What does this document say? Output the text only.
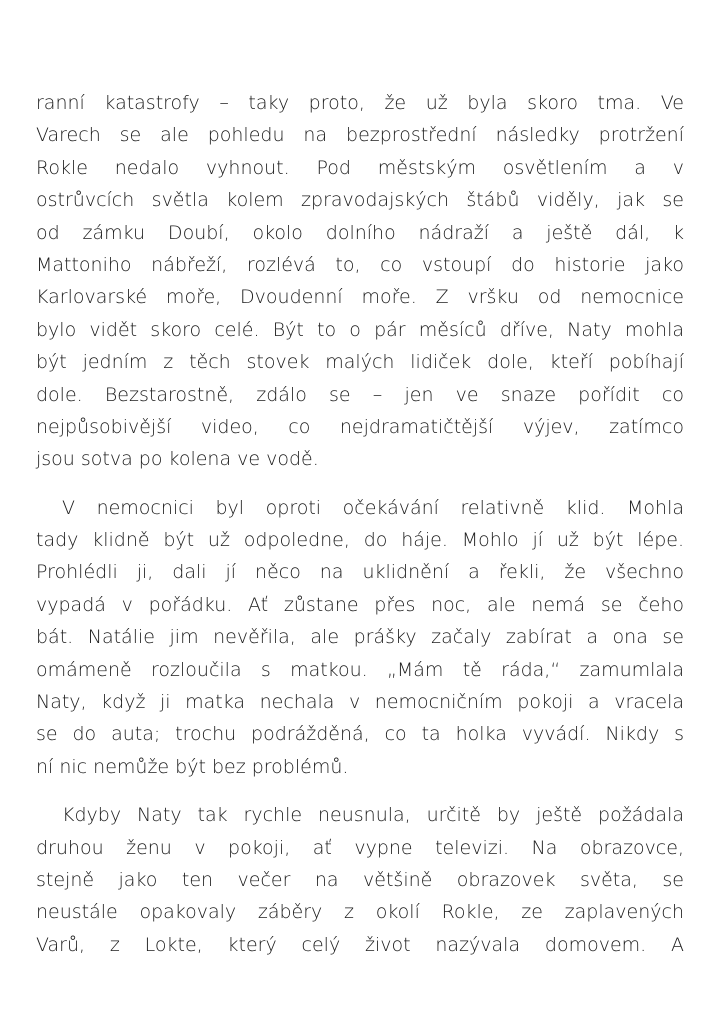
ranní katastrofy – taky proto, že už byla skoro tma. Ve
Varech se ale pohledu na bezprostřední následky protržení
Rokle nedalo vyhnout. Pod městským osvětlením a v
ostrůvcích světla kolem zpravodajských štábů viděly, jak se
od zámku Doubí, okolo dolního nádraží a ještě dál, k
Mattoniho nábřeží, rozlévá to, co vstoupí do historie jako
Karlovarské moře, Dvoudenní moře. Z vršku od nemocnice
bylo vidět skoro celé. Být to o pár měsíců dříve, Naty mohla
být jedním z těch stovek malých lidiček dole, kteří pobíhají
dole. Bezstarostně, zdálo se – jen ve snaze pořídit co
nejpůsobivější video, co nejdramatičtější výjev, zatímco
jsou sotva po kolena ve vodě.
V nemocnici byl oproti očekávání relativně klid. Mohla
tady klidně být už odpoledne, do háje. Mohlo jí už být lépe.
Prohlédli ji, dali jí něco na uklidnění a řekli, že všechno
vypadá v pořádku. Ať zůstane přes noc, ale nemá se čeho
bát. Natálie jim nevěřila, ale prášky začaly zabírat a ona se
omámeně rozloučila s matkou. „Mám tě ráda,“ zamumlala
Naty, když ji matka nechala v nemocničním pokoji a vracela
se do auta; trochu podrážděná, co ta holka vyvádí. Nikdy s
ní nic nemůže být bez problémů.
Kdyby Naty tak rychle neusnula, určitě by ještě požádala
druhou ženu v pokoji, ať vypne televizi. Na obrazovce,
stejně jako ten večer na většině obrazovek světa, se
neustále opakovaly záběry z okolí Rokle, ze zaplavených
Varů, z Lokte, který celý život nazývala domovem. A
